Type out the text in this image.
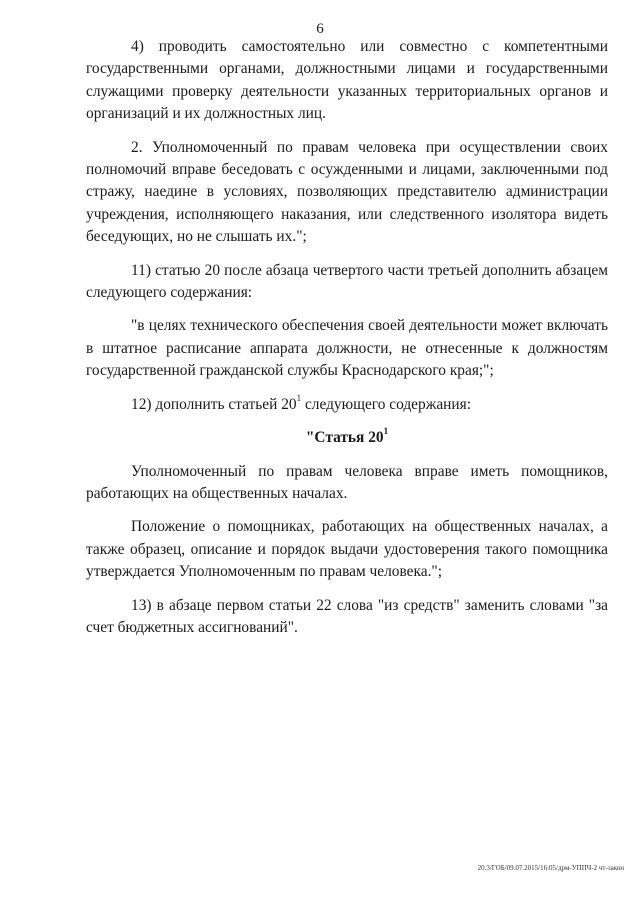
6

4) проводить самостоятельно или совместно с компетентными государственными органами, должностными лицами и государственными служащими проверку деятельности указанных территориальных органов и организаций и их должностных лиц.

2. Уполномоченный по правам человека при осуществлении своих полномочий вправе беседовать с осужденными и лицами, заключенными под стражу, наедине в условиях, позволяющих представителю администрации учреждения, исполняющего наказания, или следственного изолятора видеть беседующих, но не слышать их.";

11) статью 20 после абзаца четвертого части третьей дополнить абзацем следующего содержания:

"в целях технического обеспечения своей деятельности может включать в штатное расписание аппарата должности, не отнесенные к должностям государственной гражданской службы Краснодарского края;";

12) дополнить статьей $20^1$ следующего содержания:

"Статья $20^1$

Уполномоченный по правам человека вправе иметь помощников, работающих на общественных началах.

Положение о помощниках, работающих на общественных началах, а также образец, описание и порядок выдачи удостоверения такого помощника утверждается Уполномоченным по правам человека.";

13) в абзаце первом статьи 22 слова "из средств" заменить словами "за счет бюджетных ассигнований".

20.3/ГОБ/09.07.2015/16:05/дрм-УППЧ-2 чт-закон
